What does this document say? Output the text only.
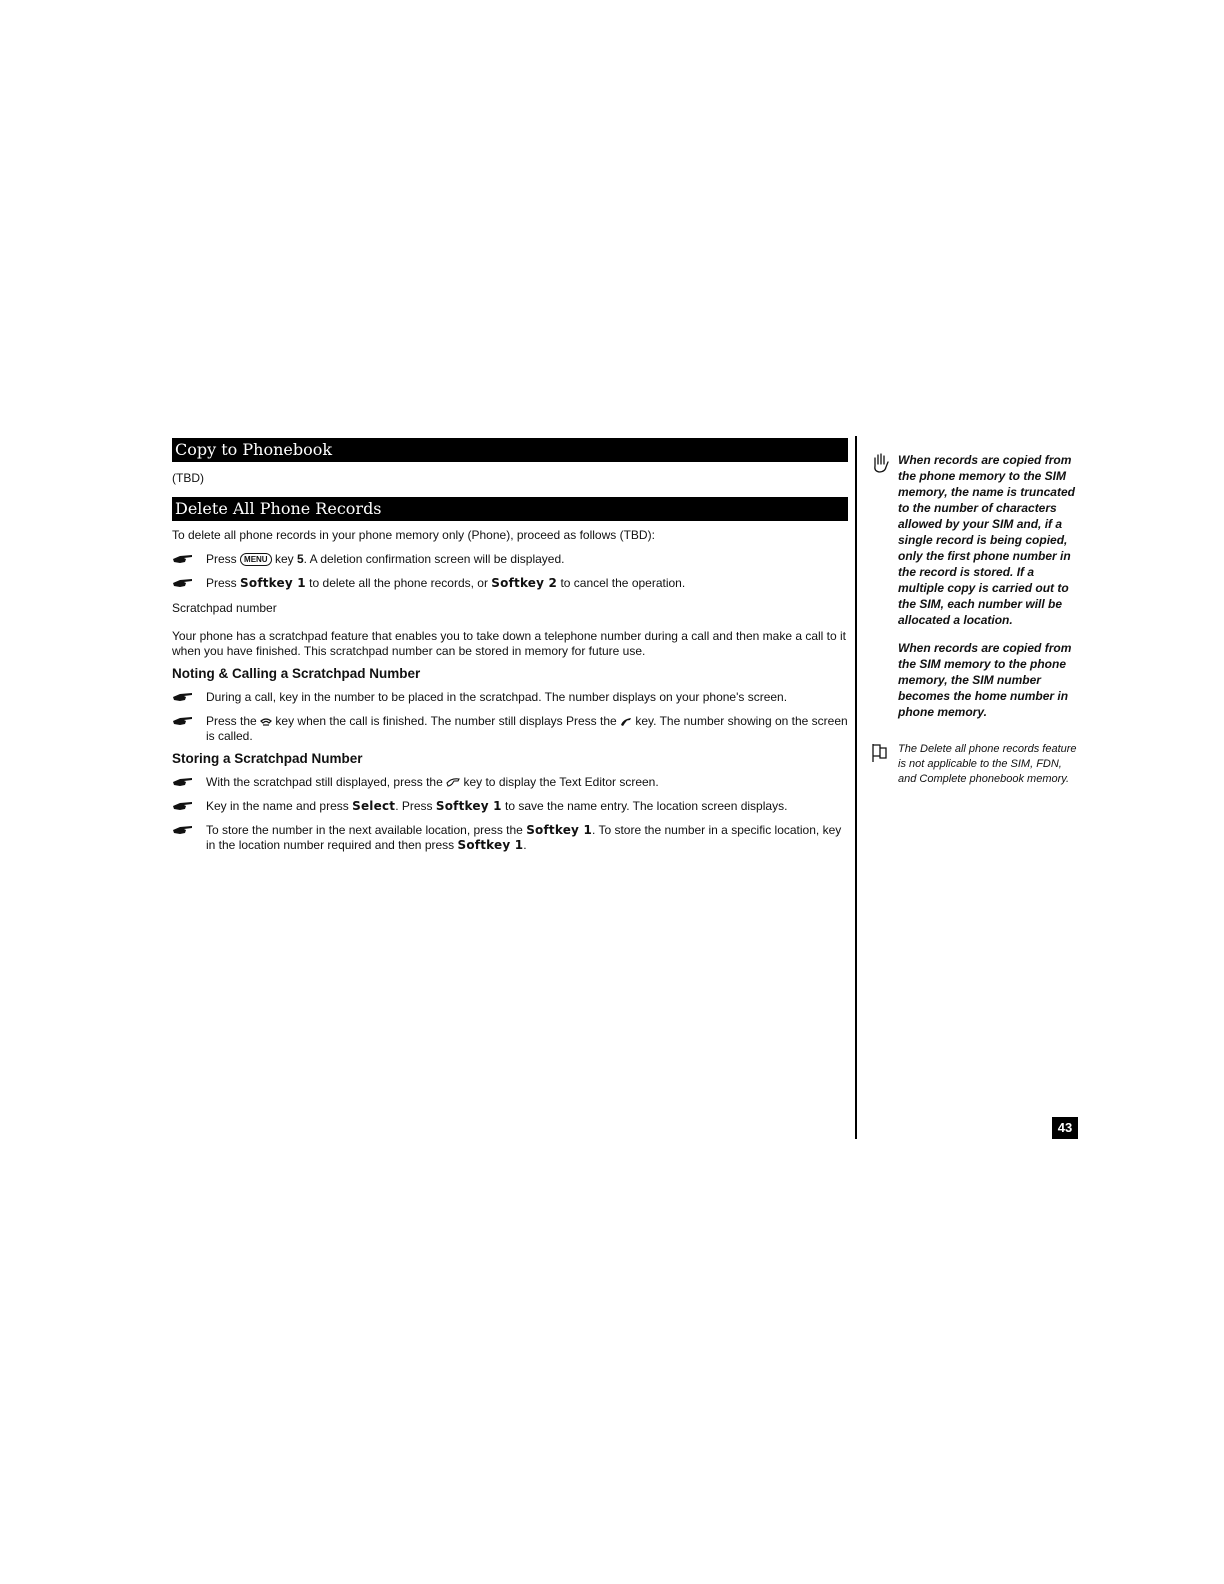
Copy to Phonebook

(TBD)

Delete All Phone Records

To delete all phone records in your phone memory only (Phone), proceed as follows (TBD):

Press MENU key 5. A deletion confirmation screen will be displayed.
Press Softkey 1 to delete all the phone records, or Softkey 2 to cancel the operation.

Scratchpad number

Your phone has a scratchpad feature that enables you to take down a telephone number during a call and then make a call to it when you have finished. This scratchpad number can be stored in memory for future use.

Noting & Calling a Scratchpad Number

During a call, key in the number to be placed in the scratchpad. The number displays on your phone's screen.
Press the key when the call is finished. The number still displays Press the key. The number showing on the screen is called.

Storing a Scratchpad Number

With the scratchpad still displayed, press the key to display the Text Editor screen.
Key in the name and press Select. Press Softkey 1 to save the name entry. The location screen displays.
To store the number in the next available location, press the Softkey 1. To store the number in a specific location, key in the location number required and then press Softkey 1.

When records are copied from the phone memory to the SIM memory, the name is truncated to the number of characters allowed by your SIM and, if a single record is being copied, only the first phone number in the record is stored. If a multiple copy is carried out to the SIM, each number will be allocated a location.

When records are copied from the SIM memory to the phone memory, the SIM number becomes the home number in phone memory.

The Delete all phone records feature is not applicable to the SIM, FDN, and Complete phonebook memory.

43
